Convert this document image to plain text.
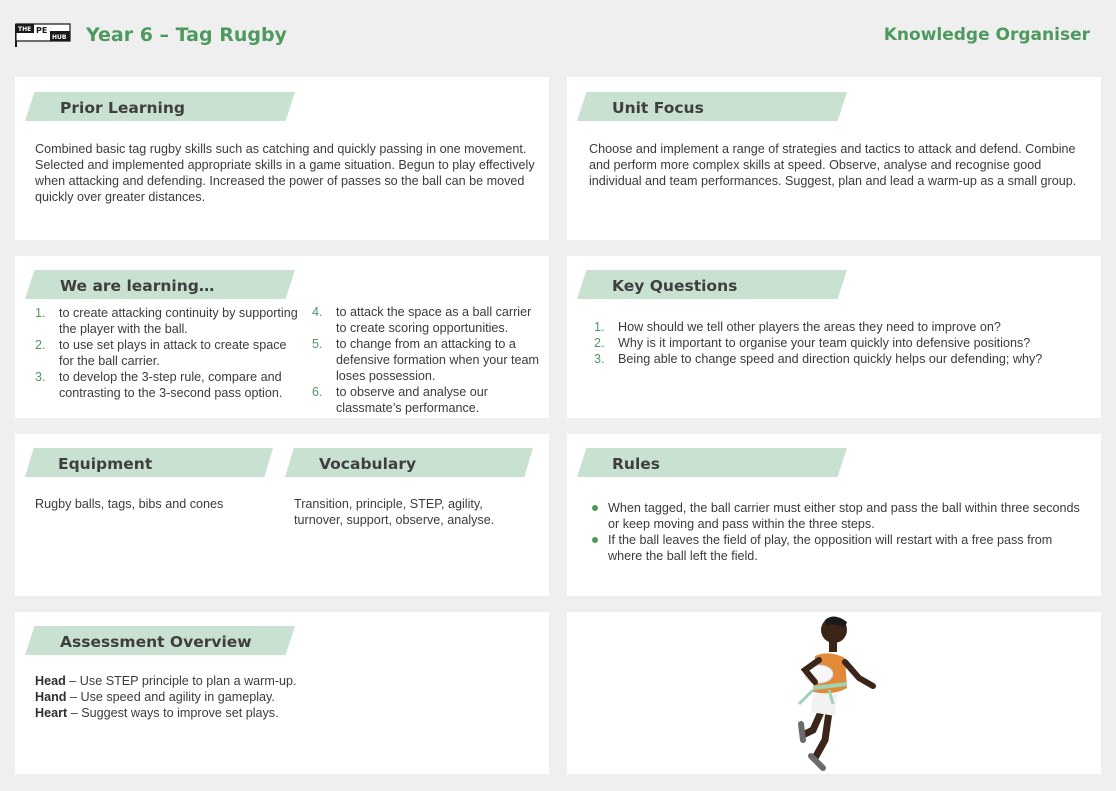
THE PE
HUB Year 6 – Tag Rugby	Knowledge Organiser
Prior Learning
Combined basic tag rugby skills such as catching and quickly passing in one movement. Selected and implemented appropriate skills in a game situation. Begun to play effectively when attacking and defending. Increased the power of passes so the ball can be moved quickly over greater distances.
Unit Focus
Choose and implement a range of strategies and tactics to attack and defend. Combine and perform more complex skills at speed. Observe, analyse and recognise good individual and team performances. Suggest, plan and lead a warm-up as a small group.
We are learning…
1. to create attacking continuity by supporting the player with the ball.
2. to use set plays in attack to create space for the ball carrier.
3. to develop the 3-step rule, compare and contrasting to the 3-second pass option.
4. to attack the space as a ball carrier to create scoring opportunities.
5. to change from an attacking to a defensive formation when your team loses possession.
6. to observe and analyse our classmate’s performance.
Key Questions
1. How should we tell other players the areas they need to improve on?
2. Why is it important to organise your team quickly into defensive positions?
3. Being able to change speed and direction quickly helps our defending; why?
Equipment
Rugby balls, tags, bibs and cones
Vocabulary
Transition, principle, STEP, agility, turnover, support, observe, analyse.
Rules
When tagged, the ball carrier must either stop and pass the ball within three seconds or keep moving and pass within the three steps.
If the ball leaves the field of play, the opposition will restart with a free pass from where the ball left the field.
Assessment Overview
Head – Use STEP principle to plan a warm-up.
Hand – Use speed and agility in gameplay.
Heart – Suggest ways to improve set plays.
